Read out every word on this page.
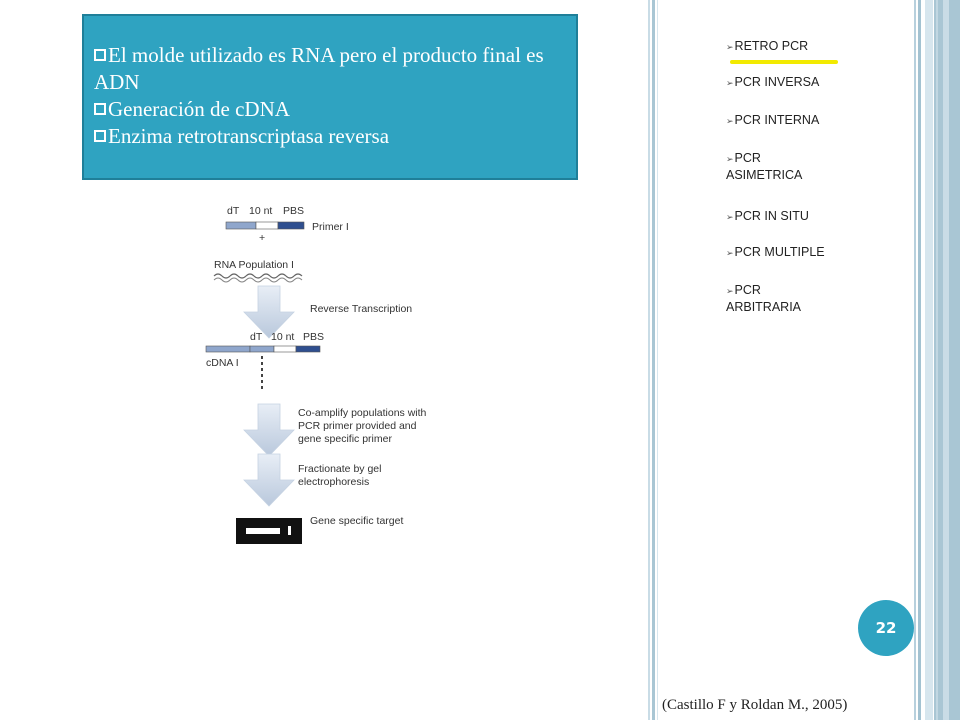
El molde utilizado es RNA pero el producto final es ADN

Generación de cDNA

Enzima retrotranscriptasa reversa

➢RETRO PCR
➢PCR INVERSA
➢PCR INTERNA
➢PCR ASIMETRICA
➢PCR IN SITU
➢PCR MULTIPLE
➢PCR ARBITRARIA
dT 10 nt PBS
+
Primer I
RNA Population I
Reverse Transcription
dT 10 nt PBS
cDNA I
Co-amplify populations with
PCR primer provided and
gene specific primer
Fractionate by gel
electrophoresis
Gene specific target
22
(Castillo F y Roldan M., 2005)
